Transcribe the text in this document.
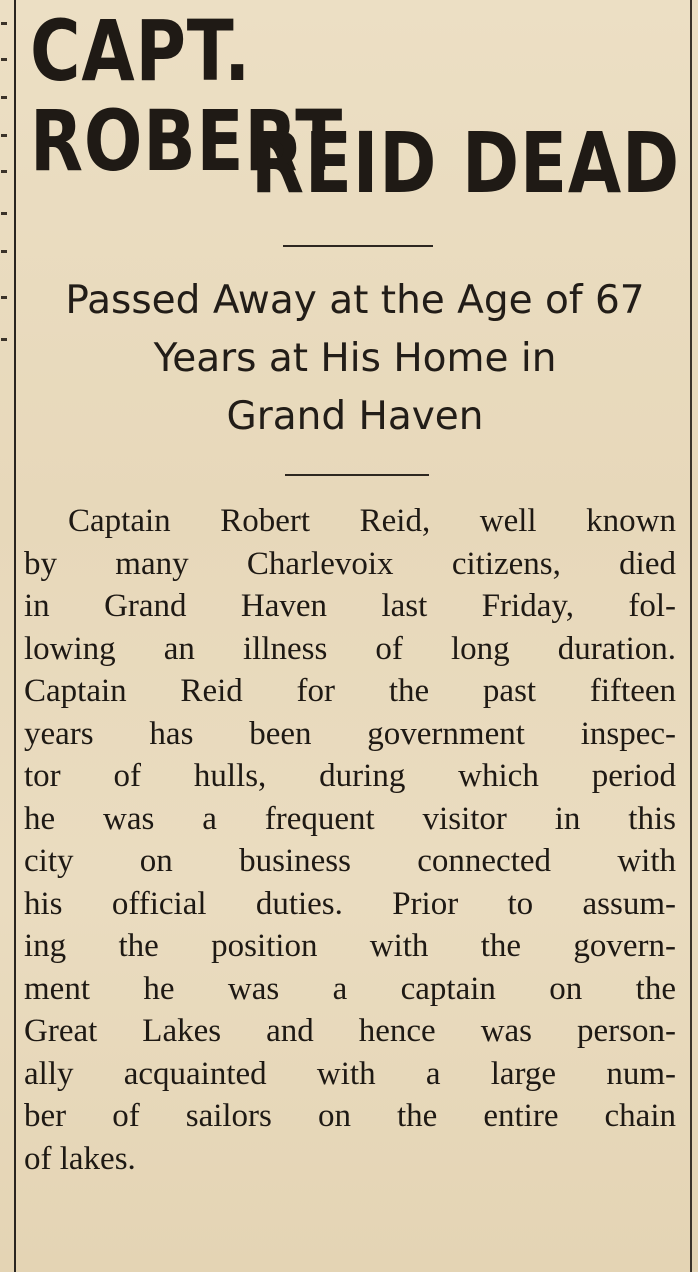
CAPT. ROBERT
REID DEAD
Passed Away at the Age of 67
Years at His Home in
Grand Haven
Captain Robert Reid, well known
by many Charlevoix citizens, died
in Grand Haven last Friday, fol-
lowing an illness of long duration.
Captain Reid for the past fifteen
years has been government inspec-
tor of hulls, during which period
he was a frequent visitor in this
city on business connected with
his official duties. Prior to assum-
ing the position with the govern-
ment he was a captain on the
Great Lakes and hence was person-
ally acquainted with a large num-
ber of sailors on the entire chain
of lakes.
